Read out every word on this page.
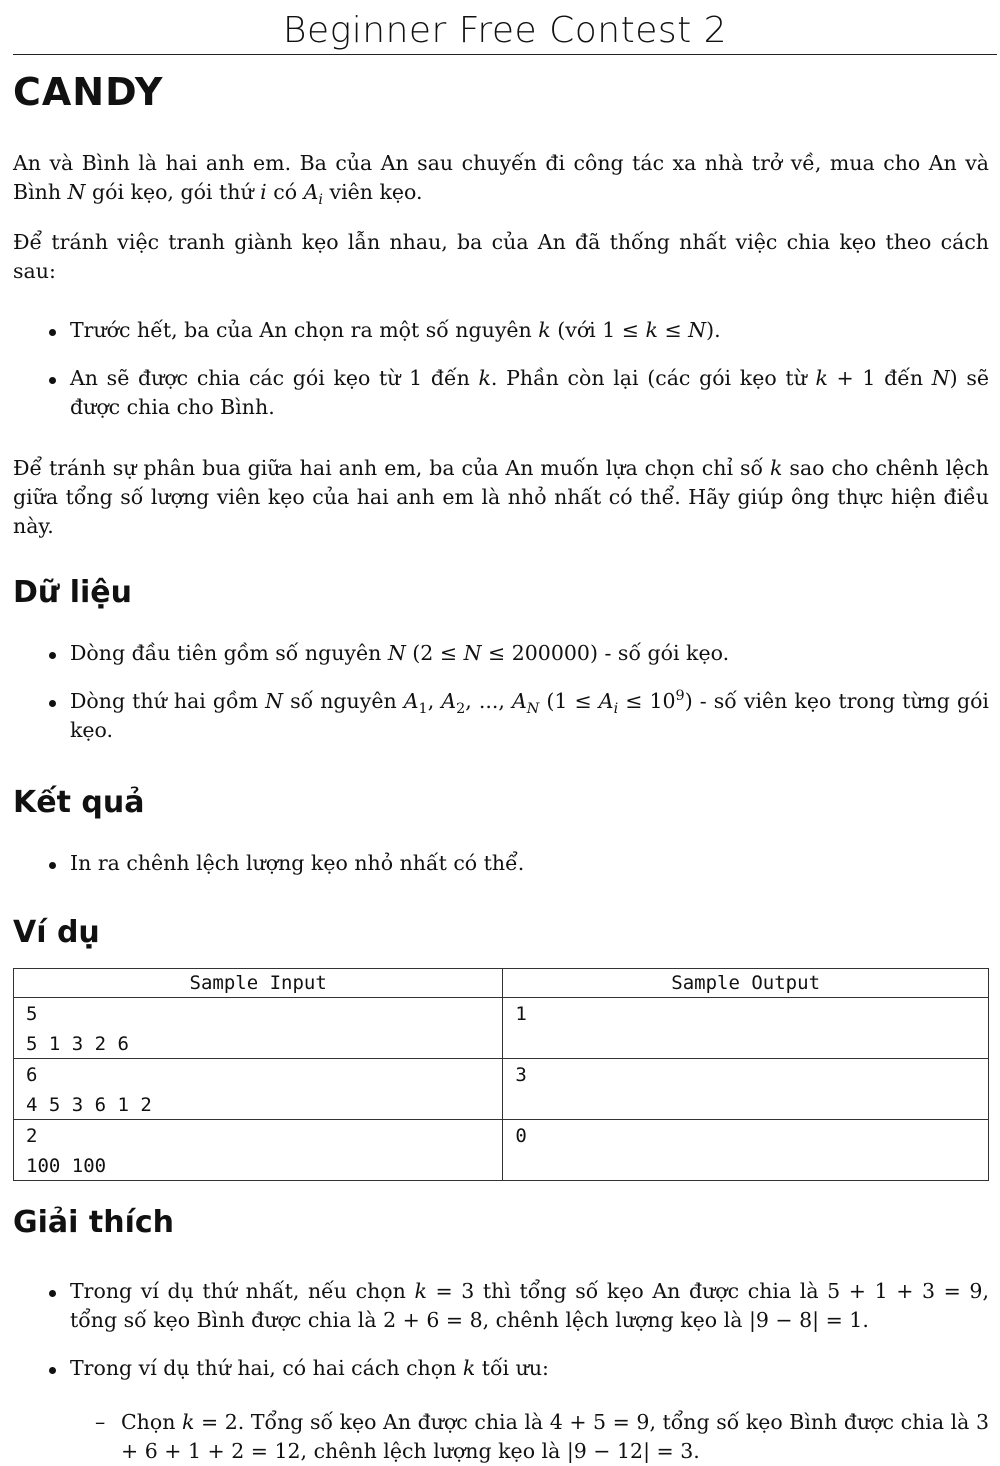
Beginner Free Contest 2
CANDY

An và Bình là hai anh em. Ba của An sau chuyến đi công tác xa nhà trở về, mua cho An và Bình N gói kẹo, gói thứ i có $A_i$ viên kẹo.

Để tránh việc tranh giành kẹo lẫn nhau, ba của An đã thống nhất việc chia kẹo theo cách sau:

Trước hết, ba của An chọn ra một số nguyên k (với 1 ≤ k ≤ N).
An sẽ được chia các gói kẹo từ 1 đến k. Phần còn lại (các gói kẹo từ k + 1 đến N) sẽ được chia cho Bình.

Để tránh sự phân bua giữa hai anh em, ba của An muốn lựa chọn chỉ số k sao cho chênh lệch giữa tổng số lượng viên kẹo của hai anh em là nhỏ nhất có thể. Hãy giúp ông thực hiện điều này.

Dữ liệu
Dòng đầu tiên gồm số nguyên N (2 ≤ N ≤ 200000) - số gói kẹo.
Dòng thứ hai gồm N số nguyên $A_1$, $A_2$, ..., $A_N$ $(1 \le A_i \le 10^9)$ - số viên kẹo trong từng gói kẹo.
Kết quả
In ra chênh lệch lượng kẹo nhỏ nhất có thể.
Ví dụ
Sample Input	Sample Output

5
5 1 3 2 6	1

6
4 5 3 6 1 2	3

2
100 100	0
Giải thích
Trong ví dụ thứ nhất, nếu chọn k = 3 thì tổng số kẹo An được chia là 5 + 1 + 3 = 9, tổng số kẹo Bình được chia là 2 + 6 = 8, chênh lệch lượng kẹo là |9 − 8| = 1.
Trong ví dụ thứ hai, có hai cách chọn k tối ưu:
– Chọn k = 2. Tổng số kẹo An được chia là 4 + 5 = 9, tổng số kẹo Bình được chia là 3 + 6 + 1 + 2 = 12, chênh lệch lượng kẹo là |9 − 12| = 3.
